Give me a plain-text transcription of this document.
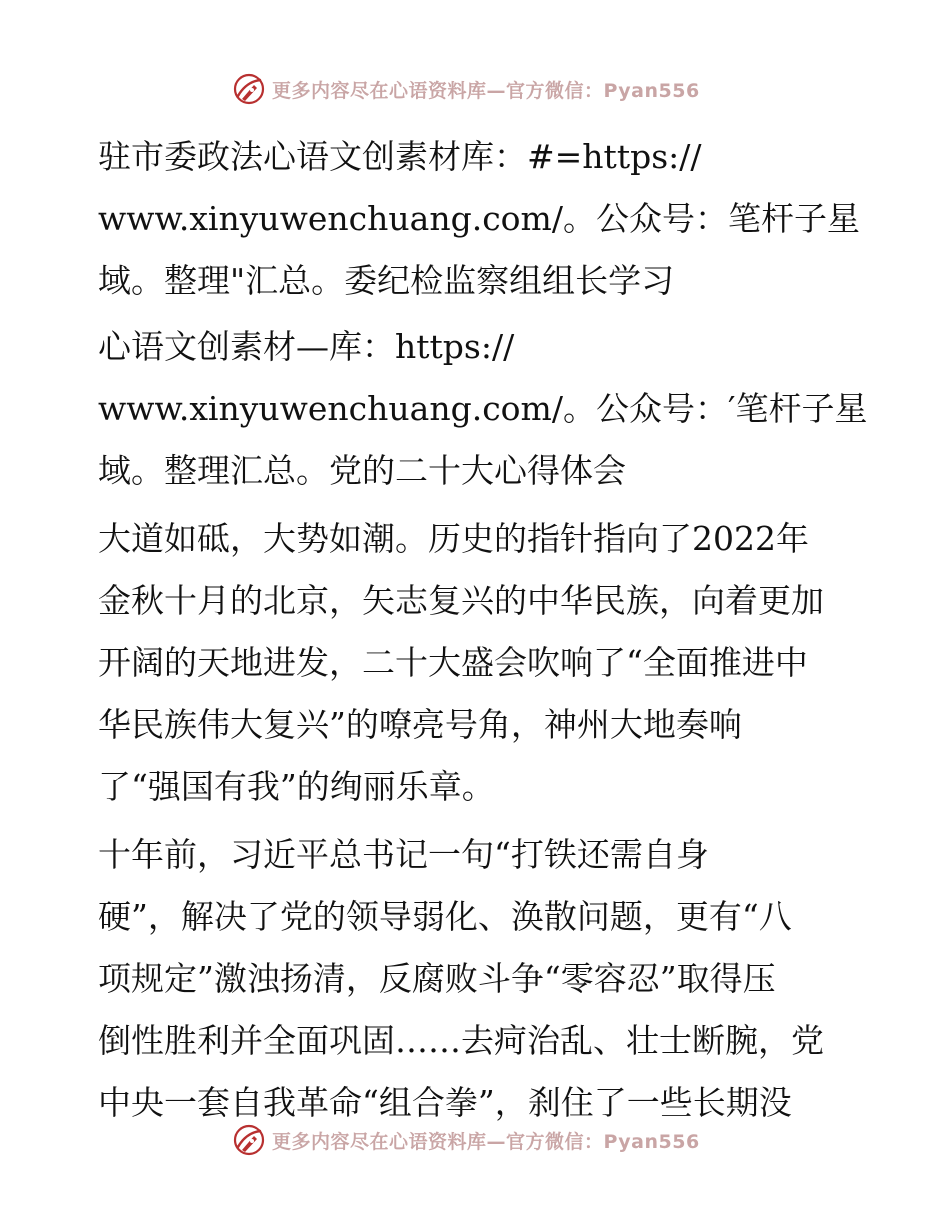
更多内容尽在心语资料库—官方微信：Pyan556
驻市委政法心语文创素材库：#=https://
www.xinyuwenchuang.com/。公众号：笔杆子星
域。整理"汇总。委纪检监察组组长学习
心语文创素材—库：https://
www.xinyuwenchuang.com/。公众号：′笔杆子星
域。整理汇总。党的二十大心得体会
大道如砥，大势如潮。历史的指针指向了2022年
金秋十月的北京，矢志复兴的中华民族，向着更加
开阔的天地进发，二十大盛会吹响了“全面推进中
华民族伟大复兴”的嘹亮号角，神州大地奏响
了“强国有我”的绚丽乐章。
十年前，习近平总书记一句“打铁还需自身
硬”，解决了党的领导弱化、涣散问题，更有“八
项规定”激浊扬清，反腐败斗争“零容忍”取得压
倒性胜利并全面巩固……去疴治乱、壮士断腕，党
中央一套自我革命“组合拳”，刹住了一些长期没
更多内容尽在心语资料库—官方微信：Pyan556
